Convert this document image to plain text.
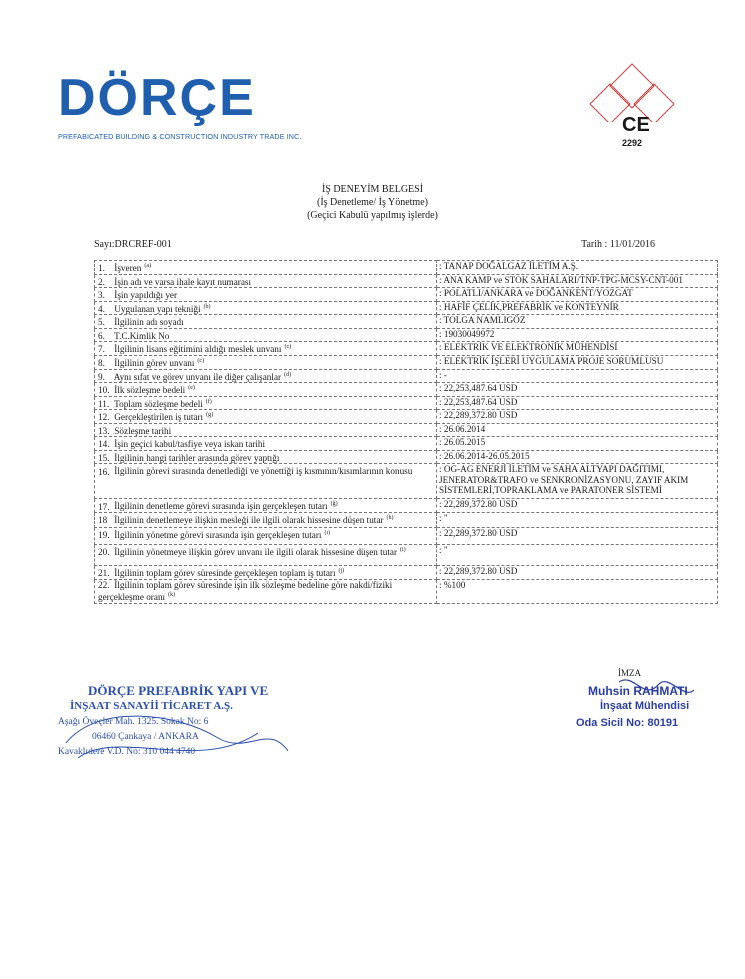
DÖRÇE
PREFABICATED BUILDING & CONSTRUCTION INDUSTRY TRADE INC.
CE
2292
İŞ DENEYİM BELGESİ
(İş Denetleme/ İş Yönetme)
(Geçici Kabulü yapılmış işlerde)
Sayı:DRCREF-001	Tarih : 11/01/2016
1. İşveren $^{(a)}$	: TANAP DOĞALGAZ İLETİM A.Ş.
2. İşin adı ve varsa ihale kayıt numarası	: ANA KAMP ve STOK SAHALARI/TNP-TPG-MCSY-CNT-001
3. İşin yapıldığı yer	: POLATLI/ANKARA ve DOĞANKENT/YOZGAT
4. Uygulanan yapı tekniği $^{(b)}$	: HAFİF ÇELİK,PREFABRİK ve KONTEYNİR
5. İlgilinin adı soyadı	: TOLGA NAMLIGÖZ
6. T.C.Kimlik No	: 19030049972
7. İlgilinin lisans eğitimini aldığı meslek unvanı $^{(c)}$	: ELEKTRİK VE ELEKTRONİK MÜHENDİSİ
8. İlgilinin görev unvanı $^{(c)}$	: ELEKTRİK İŞLERİ UYGULAMA PROJE SORUMLUSU
9. Aynı sıfat ve görev unvanı ile diğer çalışanlar $^{(d)}$	: -
10. İlk sözleşme bedeli $^{(e)}$	: 22,253,487.64 USD
11. Toplam sözleşme bedeli $^{(f)}$	: 22,253,487.64 USD
12. Gerçekleştirilen iş tutarı $^{(g)}$	: 22,289,372.80 USD
13. Sözleşme tarihi	: 26.06.2014
14. İşin geçici kabul/tasfiye veya iskan tarihi	: 26.05.2015
15. İlgilinin hangi tarihler arasında görev yaptığı	: 26.06.2014-26.05.2015
16. İlgilinin görevi sırasında denetlediği ve yönettiği iş kısmının/kısımlarının konusu	: OG-AG ENERJİ İLETİM ve SAHA ALTYAPI DAĞITIMI, JENERATOR&TRAFO ve SENKRONİZASYONU, ZAYIF AKIM SİSTEMLERİ,TOPRAKLAMA ve PARATONER SİSTEMİ
17. İlgilinin denetleme görevi sırasında işin gerçekleşen tutarı $^{(ğ)}$	: 22,289,372.80 USD
18 İlgilinin denetlemeye ilişkin mesleği ile ilgili olarak hissesine düşen tutar $^{(h)}$	: "
19. İlgilinin yönetme görevi sırasında işin gerçekleşen tutarı $^{(ı)}$	: 22,289,372.80 USD
20. İlgilinin yönetmeye ilişkin görev unvanı ile ilgili olarak hissesine düşen tutar $^{(i)}$	: "
21. İlgilinin toplam görev süresinde gerçekleşen toplam iş tutarı $^{(j)}$	: 22,289,372.80 USD
22. İlgilinin toplam görev süresinde işin ilk sözleşme bedeline göre nakdi/fiziki gerçekleşme oranı $^{(k)}$	: %100
DÖRÇE PREFABRİK YAPI VE
İNŞAAT SANAYİİ TİCARET A.Ş.
Aşağı Öveçler Mah. 1325. Sokak No: 6
06460 Çankaya / ANKARA
Kavaklıdere V.D. No: 310 044 4740
İMZA
Muhsin RAHMATI
İnşaat Mühendisi
Oda Sicil No: 80191
